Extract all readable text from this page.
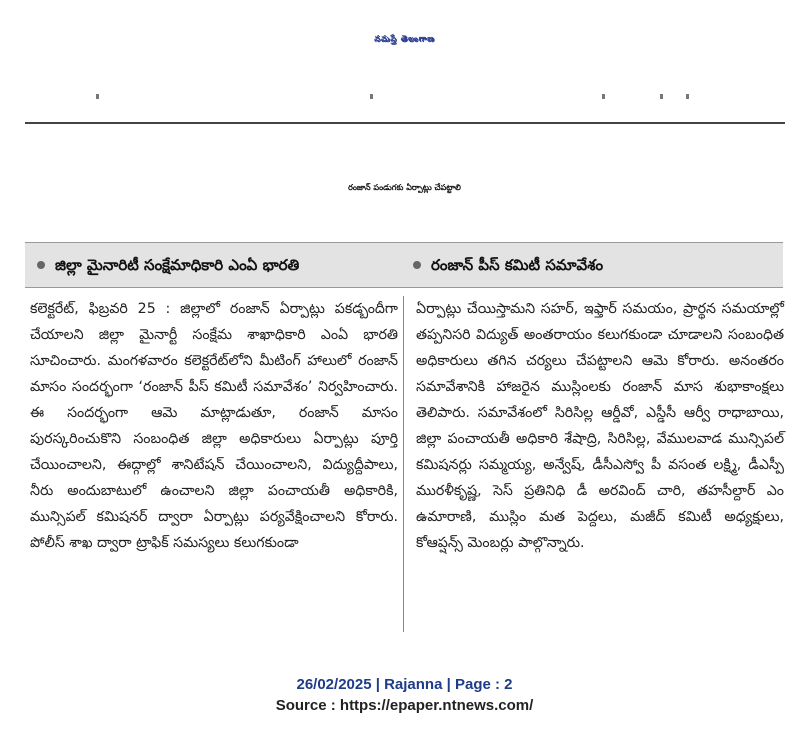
నమస్తే తెలంగాణ
రంజాన్ పండుగకు ఏర్పాట్లు చేపట్టాలి
జిల్లా మైనారిటీ సంక్షేమాధికారి ఎంఏ భారతి	రంజాన్ పీస్ కమిటీ సమావేశం

కలెక్టరేట్, ఫిబ్రవరి 25 : జిల్లాలో రంజాన్ ఏర్పాట్లు పకడ్బందీగా చేయాలని జిల్లా మైనార్టీ సంక్షేమ శాఖాధికారి ఎంఏ భారతి సూచించారు. మంగళవారం కలెక్టరేట్‌లోని మీటింగ్ హాలులో రంజాన్ మాసం సందర్భంగా ‘రంజాన్ పీస్ కమిటీ సమావేశం’ నిర్వహించారు. ఈ సందర్భంగా ఆమె మాట్లాడుతూ, రంజాన్ మాసం పురస్కరించుకొని సంబంధిత జిల్లా అధికారులు ఏర్పాట్లు పూర్తి చేయించాలని, ఈద్గాల్లో శానిటేషన్ చేయించాలని, విద్యుద్దీపాలు, నీరు అందుబాటులో ఉంచాలని జిల్లా పంచాయతీ అధికారికి, మున్సిపల్ కమిషనర్ ద్వారా ఏర్పాట్లు పర్యవేక్షించాలని కోరారు. పోలీస్ శాఖ ద్వారా ట్రాఫిక్ సమస్యలు కలుగకుండా

ఏర్పాట్లు చేయిస్తామని సహర్, ఇఫ్తార్ సమయం, ప్రార్థన సమయాల్లో తప్పనిసరి విద్యుత్ అంతరాయం కలుగకుండా చూడాలని సంబంధిత అధికారులు తగిన చర్యలు చేపట్టాలని ఆమె కోరారు. అనంతరం సమావేశానికి హాజరైన ముస్లింలకు రంజాన్ మాస శుభాకాంక్షలు తెలిపారు. సమావేశంలో సిరిసిల్ల ఆర్డీవో, ఎస్డీసీ ఆర్వీ రాధాబాయి, జిల్లా పంచాయతీ అధికారి శేషాద్రి, సిరిసిల్ల, వేములవాడ మున్సిపల్ కమిషనర్లు సమ్మయ్య, అన్వేష్, డీసీఎస్వో పీ వసంత లక్ష్మి, డీఎస్పీ మురళీకృష్ణ, సెస్ ప్రతినిధి డీ అరవింద్ చారి, తహసీల్దార్ ఎం ఉమారాణి, ముస్లిం మత పెద్దలు, మజీద్ కమిటీ అధ్యక్షులు, కోఆప్షన్స్ మెంబర్లు పాల్గొన్నారు.

26/02/2025 | Rajanna | Page : 2
Source : https://epaper.ntnews.com/
